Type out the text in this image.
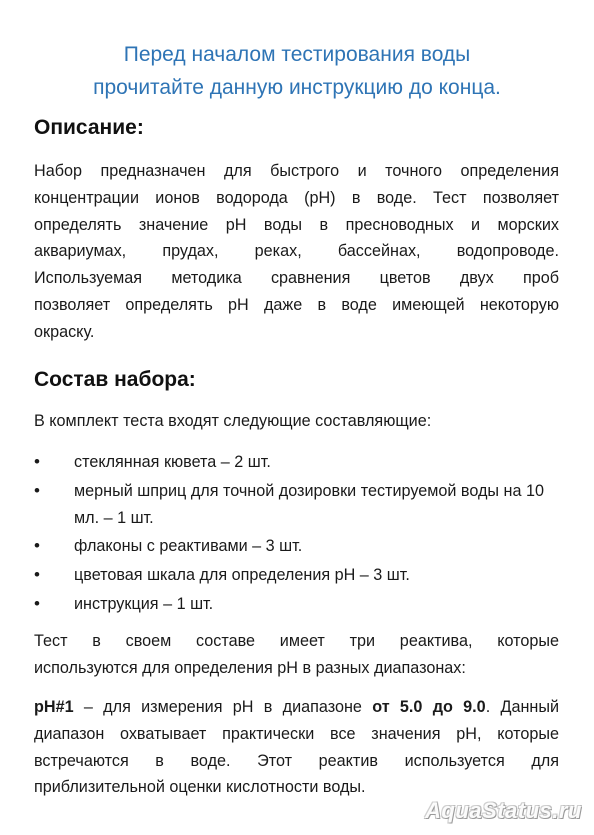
Перед началом тестирования воды
прочитайте данную инструкцию до конца.
Описание:
Набор предназначен для быстрого и точного определения
концентрации ионов водорода (pH) в воде. Тест позволяет
определять значение pH воды в пресноводных и морских
аквариумах, прудах, реках, бассейнах, водопроводе.
Используемая методика сравнения цветов двух проб
позволяет определять pH даже в воде имеющей некоторую
окраску.
Состав набора:
В комплект теста входят следующие составляющие:
• стеклянная кювета – 2 шт.
• мерный шприц для точной дозировки тестируемой воды на 10 мл. – 1 шт.
• флаконы с реактивами – 3 шт.
• цветовая шкала для определения pH – 3 шт.
• инструкция – 1 шт.
Тест в своем составе имеет три реактива, которые
используются для определения pH в разных диапазонах:
pH#1 – для измерения pH в диапазоне от 5.0 до 9.0. Данный
диапазон охватывает практически все значения pH, которые
встречаются в воде. Этот реактив используется для
приблизительной оценки кислотности воды.
AquaStatus.ru
